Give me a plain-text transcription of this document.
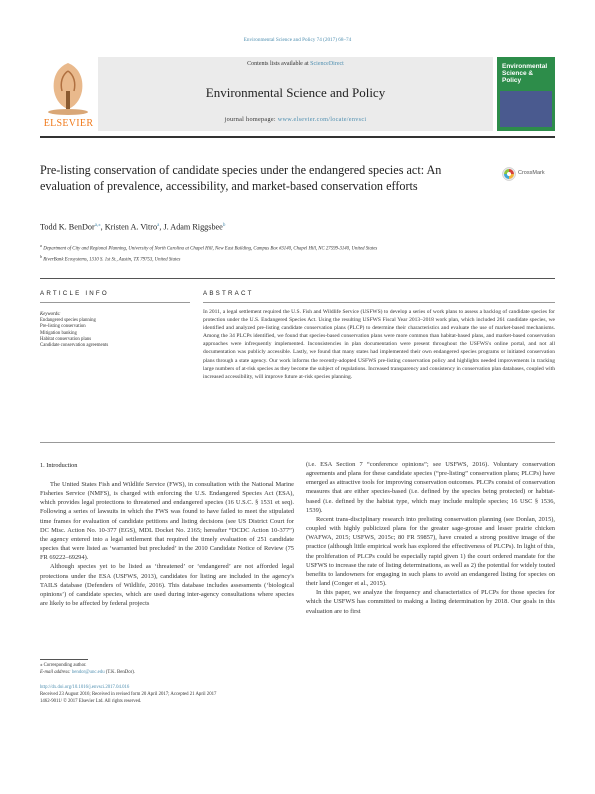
Environmental Science and Policy 74 (2017) 68–74
ELSEVIER
Contents lists available at ScienceDirect
Environmental Science and Policy
journal homepage: www.elsevier.com/locate/envsci
Environmental Science & Policy
Pre-listing conservation of candidate species under the endangered species act: An evaluation of prevalence, accessibility, and market-based conservation efforts
CrossMark
Todd K. BenDor$^{a,⁎}$, Kristen A. Vitro$^a$, J. Adam Riggsbee$^b$
$^a$ Department of City and Regional Planning, University of North Carolina at Chapel Hill, New East Building, Campus Box #3140, Chapel Hill, NC 27599-3140, United States
$^b$ RiverBank Ecosystems, 1310 S. 1st St., Austin, TX 79753, United States
ARTICLE INFO
Keywords:
Endangered species planning
Pre-listing conservation
Mitigation banking
Habitat conservation plans
Candidate conservation agreements
ABSTRACT
In 2011, a legal settlement required the U.S. Fish and Wildlife Service (USFWS) to develop a series of work plans to assess a backlog of candidate species for protection under the U.S. Endangered Species Act. Using the resulting USFWS Fiscal Year 2013–2018 work plan, which included 261 candidate species, we identified and analyzed pre-listing candidate conservation plans (PLCP) to determine their characteristics and evaluate the use of market-based mechanisms. Among the 34 PLCPs identified, we found that species-based conservation plans were more common than habitat-based plans, and market-based conservation approaches were infrequently implemented. Inconsistencies in plan documentation were present throughout the USFWS's online portal, and not all documentation was publicly accessible. Lastly, we found that many states had implemented their own endangered species programs or initiated conservation plans through a state agency. Our work informs the recently-adopted USFWS pre-listing conservation policy and highlights needed improvements in tracking large numbers of at-risk species as they become the subject of regulations. Increased transparency and consistency in conservation plan databases, coupled with increased accessibility, will improve future at-risk species planning.
1. Introduction

The United States Fish and Wildlife Service (FWS), in consultation with the National Marine Fisheries Service (NMFS), is charged with enforcing the U.S. Endangered Species Act (ESA), which provides legal protections to threatened and endangered species (16 U.S.C. § 1531 et seq). Following a series of lawsuits in which the FWS was found to have failed to meet the stipulated time frames for evaluation of candidate petitions and listing decisions (see US District Court for DC Misc. Action No. 10-377 (EGS), MDL Docket No. 2165; hereafter “DCDC Action 10-377”) the agency entered into a legal settlement that required the timely evaluation of 251 candidate species that were listed as ‘warranted but precluded’ in the 2010 Candidate Notice of Review (75 FR 69222–69294).

Although species yet to be listed as ‘threatened’ or ‘endangered’ are not afforded legal protections under the ESA (USFWS, 2013), candidates for listing are included in the agency's TAILS database (Defenders of Wildlife, 2016). This database includes assessments (‘biological opinions’) of candidate species, which are used during inter-agency consultations where species are likely to be affected by federal projects

(i.e. ESA Section 7 “conference opinions”; see USFWS, 2016). Voluntary conservation agreements and plans for these candidate species (“pre-listing” conservation plans; PLCPs) have emerged as attractive tools for improving conservation outcomes. PLCPs consist of conservation measures that are either species-based (i.e. defined by the species being protected) or habitat-based (i.e. defined by the habitat type, which may include multiple species; 16 USC § 1536, 1539).

Recent trans-disciplinary research into prelisting conservation planning (see Donlan, 2015), coupled with highly publicized plans for the greater sage-grouse and lesser prairie chicken (WAFWA, 2015; USFWS, 2015c; 80 FR 59857), have created a strong positive image of the practice (although little empirical work has explored the effectiveness of PLCPs). In light of this, the proliferation of PLCPs could be especially rapid given 1) the court ordered mandate for the USFWS to increase the rate of listing determinations, as well as 2) the potential for widely touted benefits to landowners for engaging in such plans to avoid an endangered listing for species on their land (Conger et al., 2015).

In this paper, we analyze the frequency and characteristics of PLCPs for those species for which the USFWS has committed to making a listing determination by 2018. Our goals in this evaluation are to first

⁎ Corresponding author.
E-mail address: bendor@unc.edu (T.K. BenDor).
http://dx.doi.org/10.1016/j.envsci.2017.04.016
Received 23 August 2016; Received in revised form 20 April 2017; Accepted 21 April 2017
1462-9011/ © 2017 Elsevier Ltd. All rights reserved.
